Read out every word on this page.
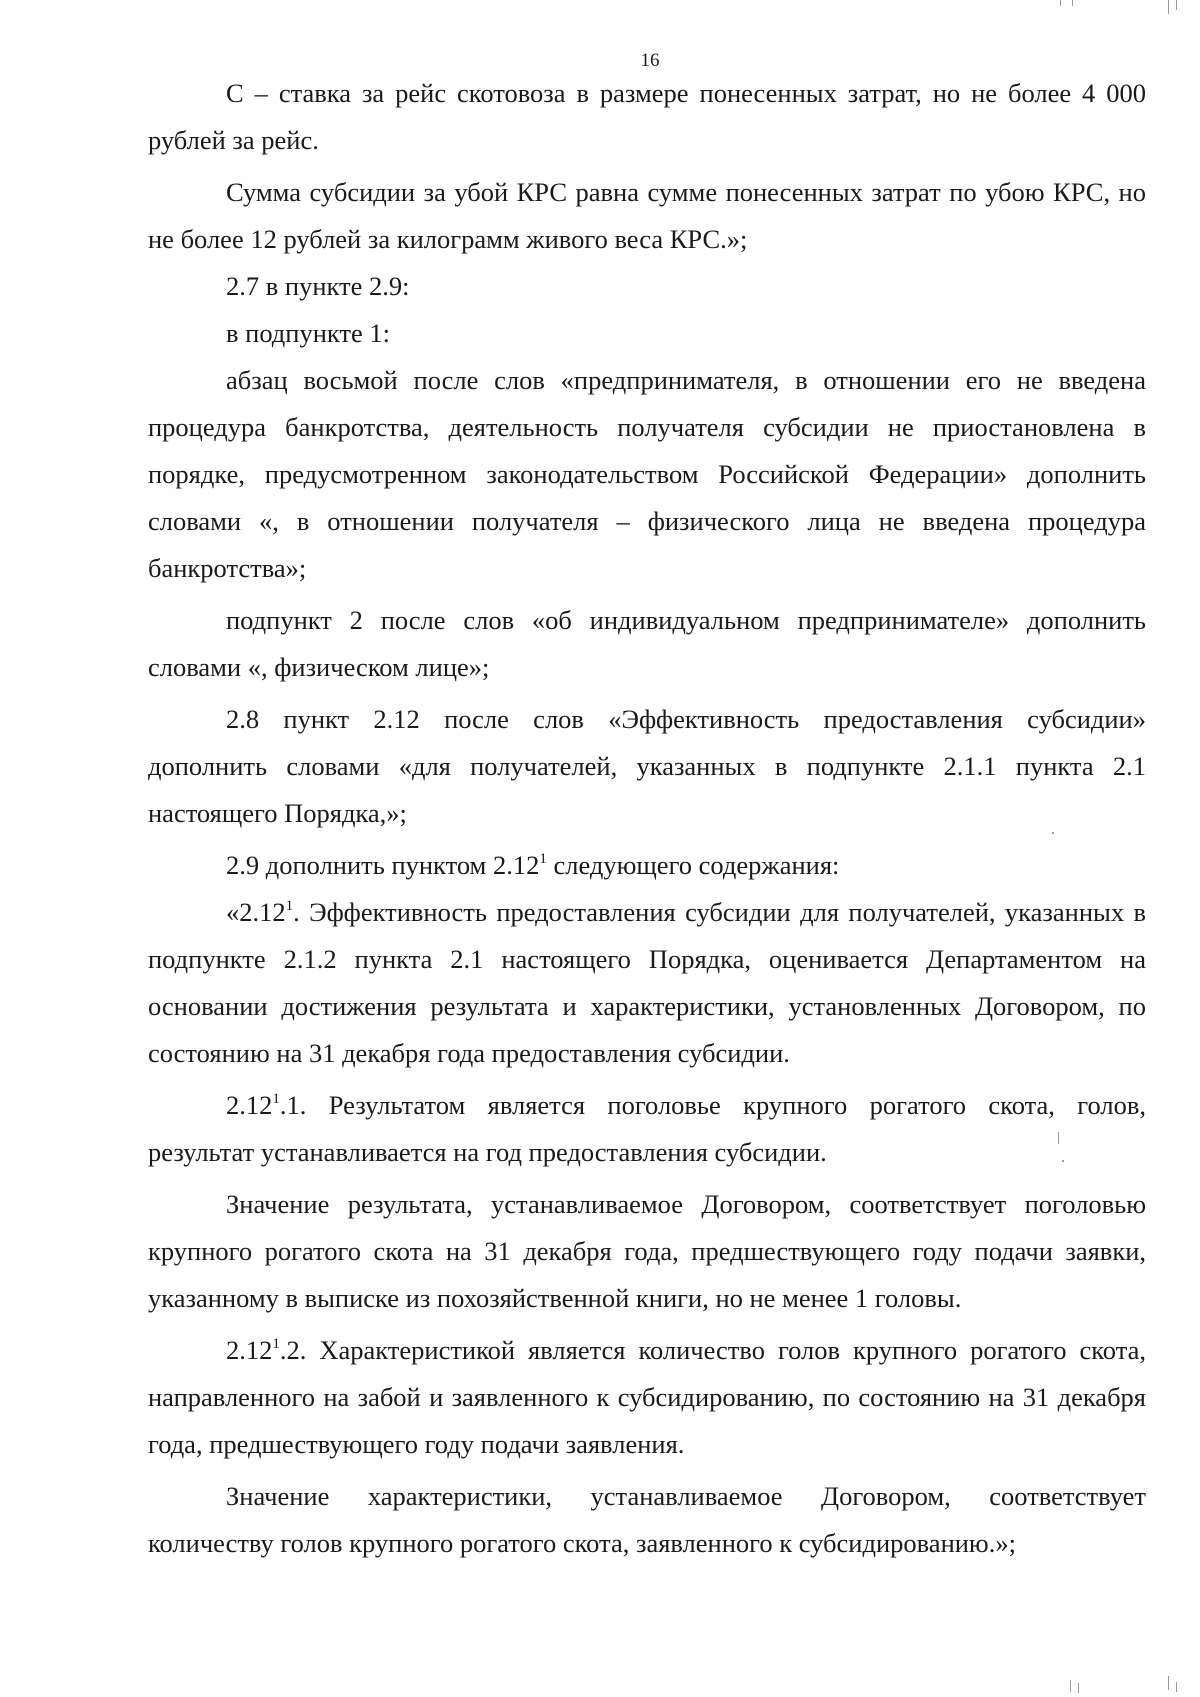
16

С – ставка за рейс скотовоза в размере понесенных затрат, но не более 4 000 рублей за рейс.

Сумма субсидии за убой КРС равна сумме понесенных затрат по убою КРС, но не более 12 рублей за килограмм живого веса КРС.»;

2.7 в пункте 2.9:

в подпункте 1:

абзац восьмой после слов «предпринимателя, в отношении его не введена процедура банкротства, деятельность получателя субсидии не приостановлена в порядке, предусмотренном законодательством Российской Федерации» дополнить словами «, в отношении получателя – физического лица не введена процедура банкротства»;

подпункт 2 после слов «об индивидуальном предпринимателе» дополнить словами «, физическом лице»;

2.8 пункт 2.12 после слов «Эффективность предоставления субсидии» дополнить словами «для получателей, указанных в подпункте 2.1.1 пункта 2.1 настоящего Порядка,»;

2.9 дополнить пунктом 2.12$^1$ следующего содержания:

«2.12$^1$. Эффективность предоставления субсидии для получателей, указанных в подпункте 2.1.2 пункта 2.1 настоящего Порядка, оценивается Департаментом на основании достижения результата и характеристики, установленных Договором, по состоянию на 31 декабря года предоставления субсидии.

2.12$^1$.1. Результатом является поголовье крупного рогатого скота, голов, результат устанавливается на год предоставления субсидии.

Значение результата, устанавливаемое Договором, соответствует поголовью крупного рогатого скота на 31 декабря года, предшествующего году подачи заявки, указанному в выписке из похозяйственной книги, но не менее 1 головы.

2.12$^1$.2. Характеристикой является количество голов крупного рогатого скота, направленного на забой и заявленного к субсидированию, по состоянию на 31 декабря года, предшествующего году подачи заявления.

Значение характеристики, устанавливаемое Договором, соответствует количеству голов крупного рогатого скота, заявленного к субсидированию.»;
